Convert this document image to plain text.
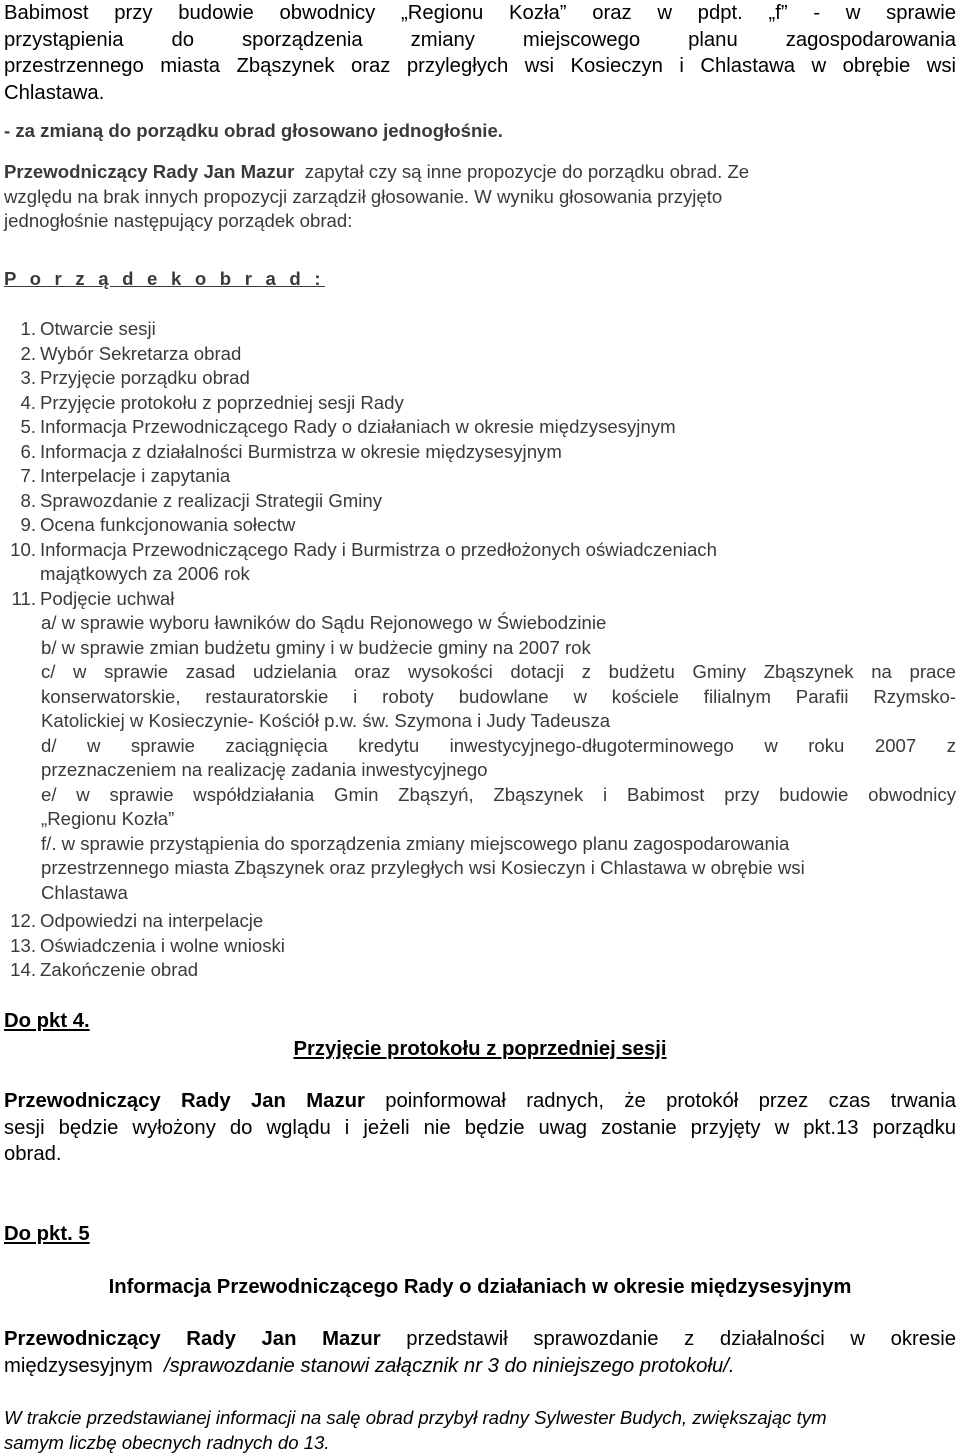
Babimost przy budowie obwodnicy „Regionu Kozła” oraz w pdpt. „f” - w sprawie
przystąpienia do sporządzenia zmiany miejscowego planu zagospodarowania
przestrzennego miasta Zbąszynek oraz przyległych wsi Kosieczyn i Chlastawa w obrębie wsi
Chlastawa.
- za zmianą do porządku obrad głosowano jednogłośnie.
Przewodniczący Rady Jan Mazur zapytał czy są inne propozycje do porządku obrad. Ze
względu na brak innych propozycji zarządził głosowanie. W wyniku głosowania przyjęto
jednogłośnie następujący porządek obrad:
P o r z ą d e k o b r a d :
1. Otwarcie sesji
2. Wybór Sekretarza obrad
3. Przyjęcie porządku obrad
4. Przyjęcie protokołu z poprzedniej sesji Rady
5. Informacja Przewodniczącego Rady o działaniach w okresie międzysesyjnym
6. Informacja z działalności Burmistrza w okresie międzysesyjnym
7. Interpelacje i zapytania
8. Sprawozdanie z realizacji Strategii Gminy
9. Ocena funkcjonowania sołectw
10. Informacja Przewodniczącego Rady i Burmistrza o przedłożonych oświadczeniach
majątkowych za 2006 rok
11. Podjęcie uchwał
a/ w sprawie wyboru ławników do Sądu Rejonowego w Świebodzinie
b/ w sprawie zmian budżetu gminy i w budżecie gminy na 2007 rok
c/ w sprawie zasad udzielania oraz wysokości dotacji z budżetu Gminy Zbąszynek na prace
konserwatorskie, restauratorskie i roboty budowlane w kościele filialnym Parafii Rzymsko-
Katolickiej w Kosieczynie- Kościół p.w. św. Szymona i Judy Tadeusza
d/ w sprawie zaciągnięcia kredytu inwestycyjnego-długoterminowego w roku 2007 z
przeznaczeniem na realizację zadania inwestycyjnego
e/ w sprawie współdziałania Gmin Zbąszyń, Zbąszynek i Babimost przy budowie obwodnicy
„Regionu Kozła”
f/. w sprawie przystąpienia do sporządzenia zmiany miejscowego planu zagospodarowania
przestrzennego miasta Zbąszynek oraz przyległych wsi Kosieczyn i Chlastawa w obrębie wsi
Chlastawa
12. Odpowiedzi na interpelacje
13. Oświadczenia i wolne wnioski
14. Zakończenie obrad
Do pkt 4.
Przyjęcie protokołu z poprzedniej sesji
Przewodniczący Rady Jan Mazur poinformował radnych, że protokół przez czas trwania
sesji będzie wyłożony do wglądu i jeżeli nie będzie uwag zostanie przyjęty w pkt.13 porządku
obrad.
Do pkt. 5
Informacja Przewodniczącego Rady o działaniach w okresie międzysesyjnym
Przewodniczący Rady Jan Mazur przedstawił sprawozdanie z działalności w okresie
międzysesyjnym /sprawozdanie stanowi załącznik nr 3 do niniejszego protokołu/.
W trakcie przedstawianej informacji na salę obrad przybył radny Sylwester Budych, zwiększając tym
samym liczbę obecnych radnych do 13.
